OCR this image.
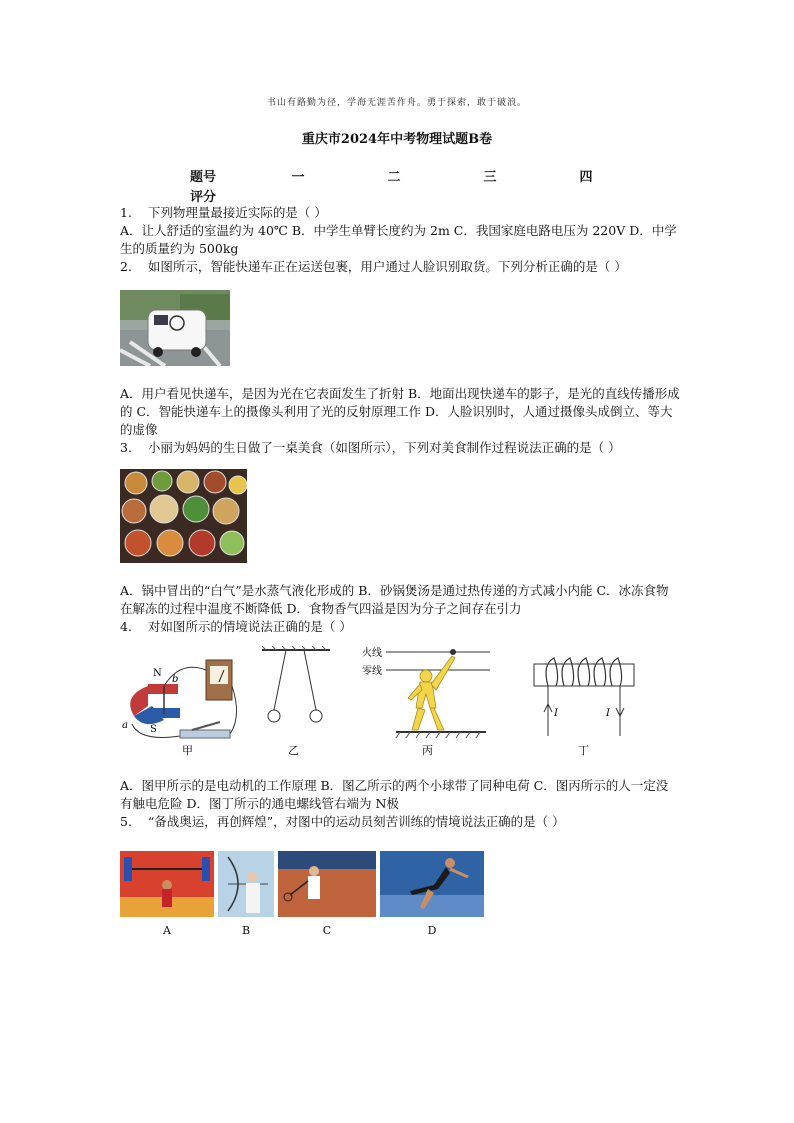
书山有路勤为径，学海无涯苦作舟。勇于探索，敢于破浪。
重庆市2024年中考物理试题B卷
题号	一	二	三	四
评分
1. 下列物理量最接近实际的是（ ）
A．让人舒适的室温约为 40℃ B．中学生单臂长度约为 2m C．我国家庭电路电压为 220V D．中学生的质量约为 500kg
2. 如图所示，智能快递车正在运送包裹，用户通过人脸识别取货。下列分析正确的是（ ）
A．用户看见快递车，是因为光在它表面发生了折射 B．地面出现快递车的影子，是光的直线传播形成的 C．智能快递车上的摄像头利用了光的反射原理工作 D．人脸识别时，人通过摄像头成倒立、等大的虚像
3. 小丽为妈妈的生日做了一桌美食（如图所示），下列对美食制作过程说法正确的是（ ）
A．锅中冒出的“白气”是水蒸气液化形成的 B．砂锅煲汤是通过热传递的方式减小内能 C．冰冻食物在解冻的过程中温度不断降低 D．食物香气四溢是因为分子之间存在引力
4. 对如图所示的情境说法正确的是（ ）
N
S
a
b
甲	乙
火线
零线
丙
I	I
丁
A．图甲所示的是电动机的工作原理 B．图乙所示的两个小球带了同种电荷 C．图丙所示的人一定没有触电危险 D．图丁所示的通电螺线管右端为 N极
5. “备战奥运，再创辉煌”，对图中的运动员刻苦训练的情境说法正确的是（ ）
A	B	C	D
